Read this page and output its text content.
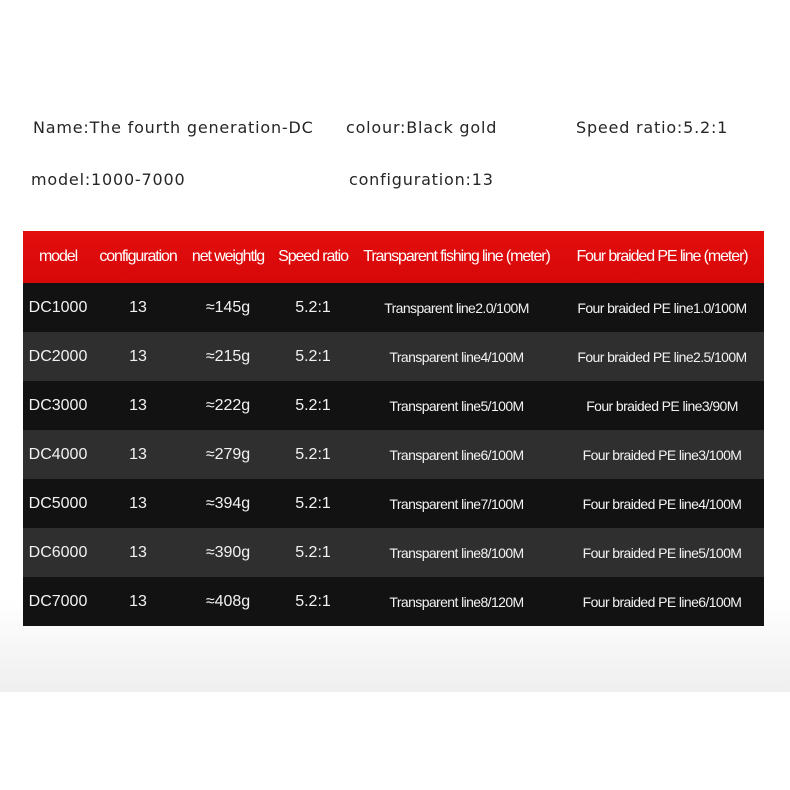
Name:The fourth generation-DC colour:Black gold	Speed ratio:5.2:1
model:1000-7000	configuration:13
model	configuration	net weightlg	Speed ratio	Transparent fishing line (meter)	Four braided PE line (meter)
DC1000	13	≈145g	5.2:1	Transparent line2.0/100M	Four braided PE line1.0/100M
DC2000	13	≈215g	5.2:1	Transparent line4/100M	Four braided PE line2.5/100M
DC3000	13	≈222g	5.2:1	Transparent line5/100M	Four braided PE line3/90M
DC4000	13	≈279g	5.2:1	Transparent line6/100M	Four braided PE line3/100M
DC5000	13	≈394g	5.2:1	Transparent line7/100M	Four braided PE line4/100M
DC6000	13	≈390g	5.2:1	Transparent line8/100M	Four braided PE line5/100M
DC7000	13	≈408g	5.2:1	Transparent line8/120M	Four braided PE line6/100M
